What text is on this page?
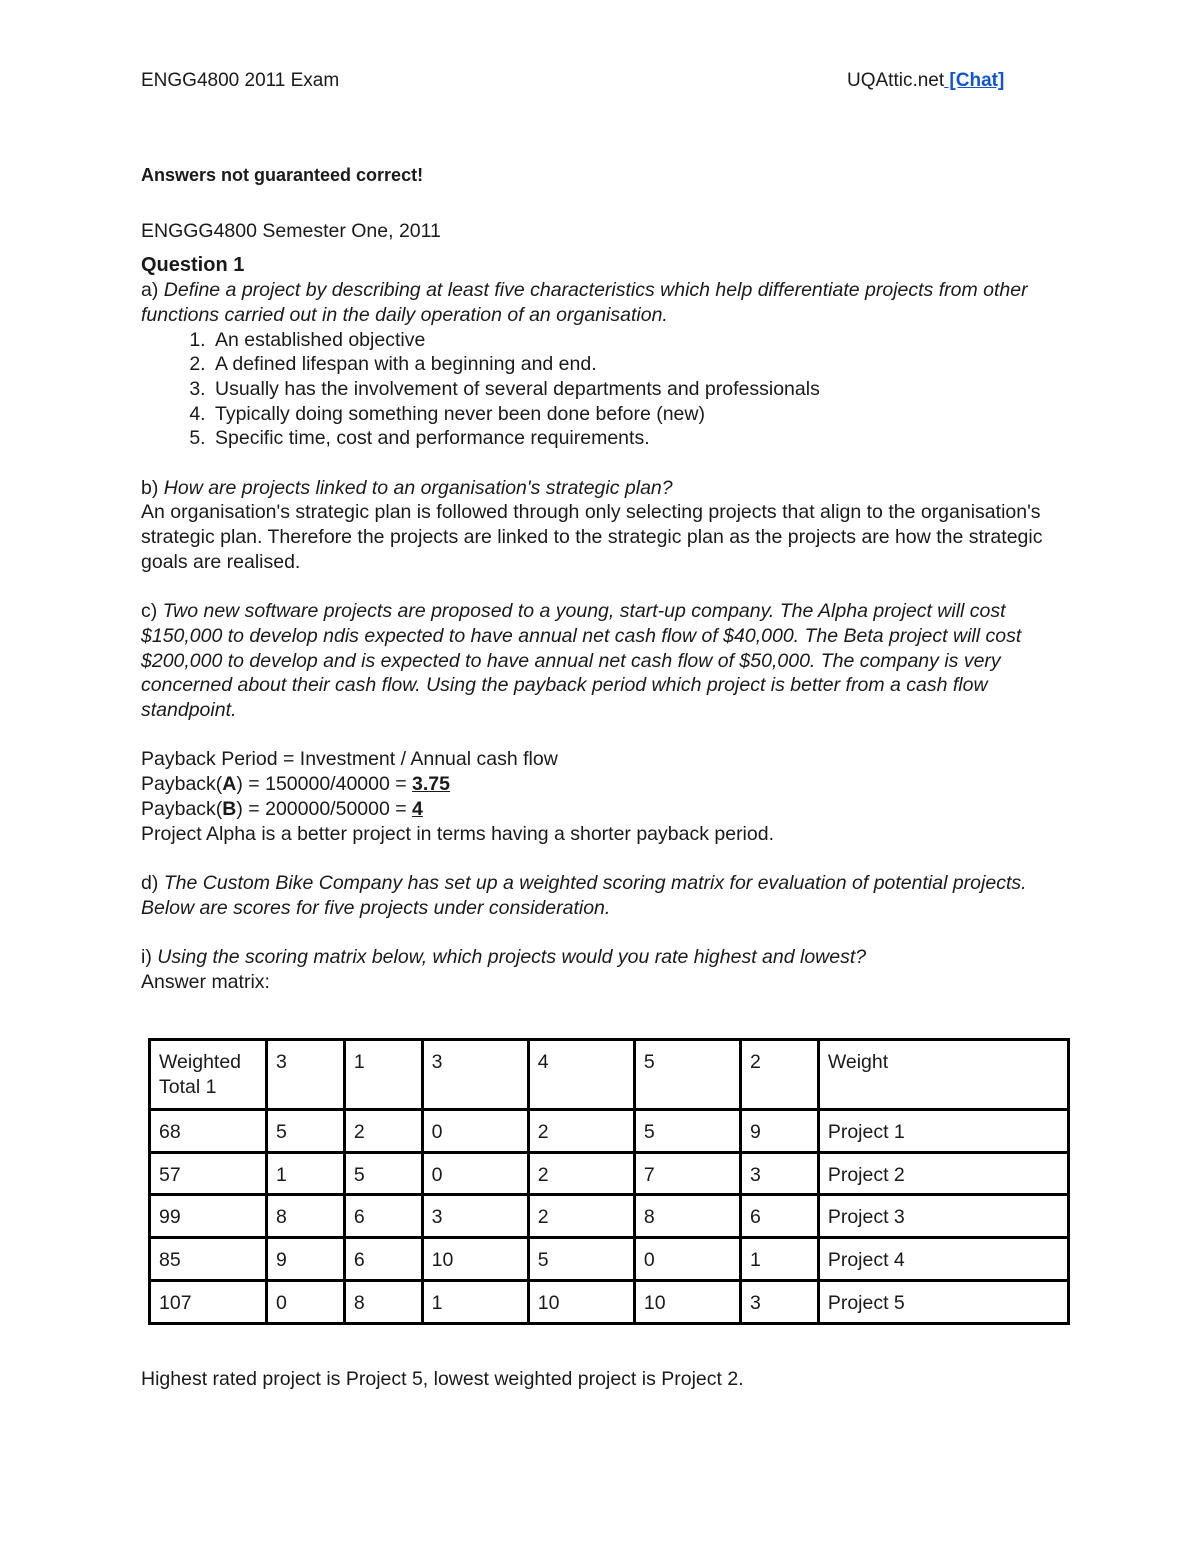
ENGG4800 2011 Exam	UQAttic.net [Chat]

Answers not guaranteed correct!

ENGGG4800 Semester One, 2011

Question 1

a) Define a project by describing at least five characteristics which help differentiate projects from other functions carried out in the daily operation of an organisation.

1. An established objective
2. A defined lifespan with a beginning and end.
3. Usually has the involvement of several departments and professionals
4. Typically doing something never been done before (new)
5. Specific time, cost and performance requirements.

b) How are projects linked to an organisation's strategic plan?

An organisation's strategic plan is followed through only selecting projects that align to the organisation's strategic plan. Therefore the projects are linked to the strategic plan as the projects are how the strategic goals are realised.

c) Two new software projects are proposed to a young, start-up company. The Alpha project will cost $150,000 to develop ndis expected to have annual net cash flow of $40,000. The Beta project will cost $200,000 to develop and is expected to have annual net cash flow of $50,000. The company is very concerned about their cash flow. Using the payback period which project is better from a cash flow standpoint.

Payback Period = Investment / Annual cash flow

Payback(A) = 150000/40000 = 3.75

Payback(B) = 200000/50000 = 4

Project Alpha is a better project in terms having a shorter payback period.

d) The Custom Bike Company has set up a weighted scoring matrix for evaluation of potential projects. Below are scores for five projects under consideration.

i) Using the scoring matrix below, which projects would you rate highest and lowest?

Answer matrix:

Weighted Total 1	3	1	3	4	5	2	Weight
68	5	2	0	2	5	9	Project 1
57	1	5	0	2	7	3	Project 2
99	8	6	3	2	8	6	Project 3
85	9	6	10	5	0	1	Project 4
107	0	8	1	10	10	3	Project 5

Highest rated project is Project 5, lowest weighted project is Project 2.
